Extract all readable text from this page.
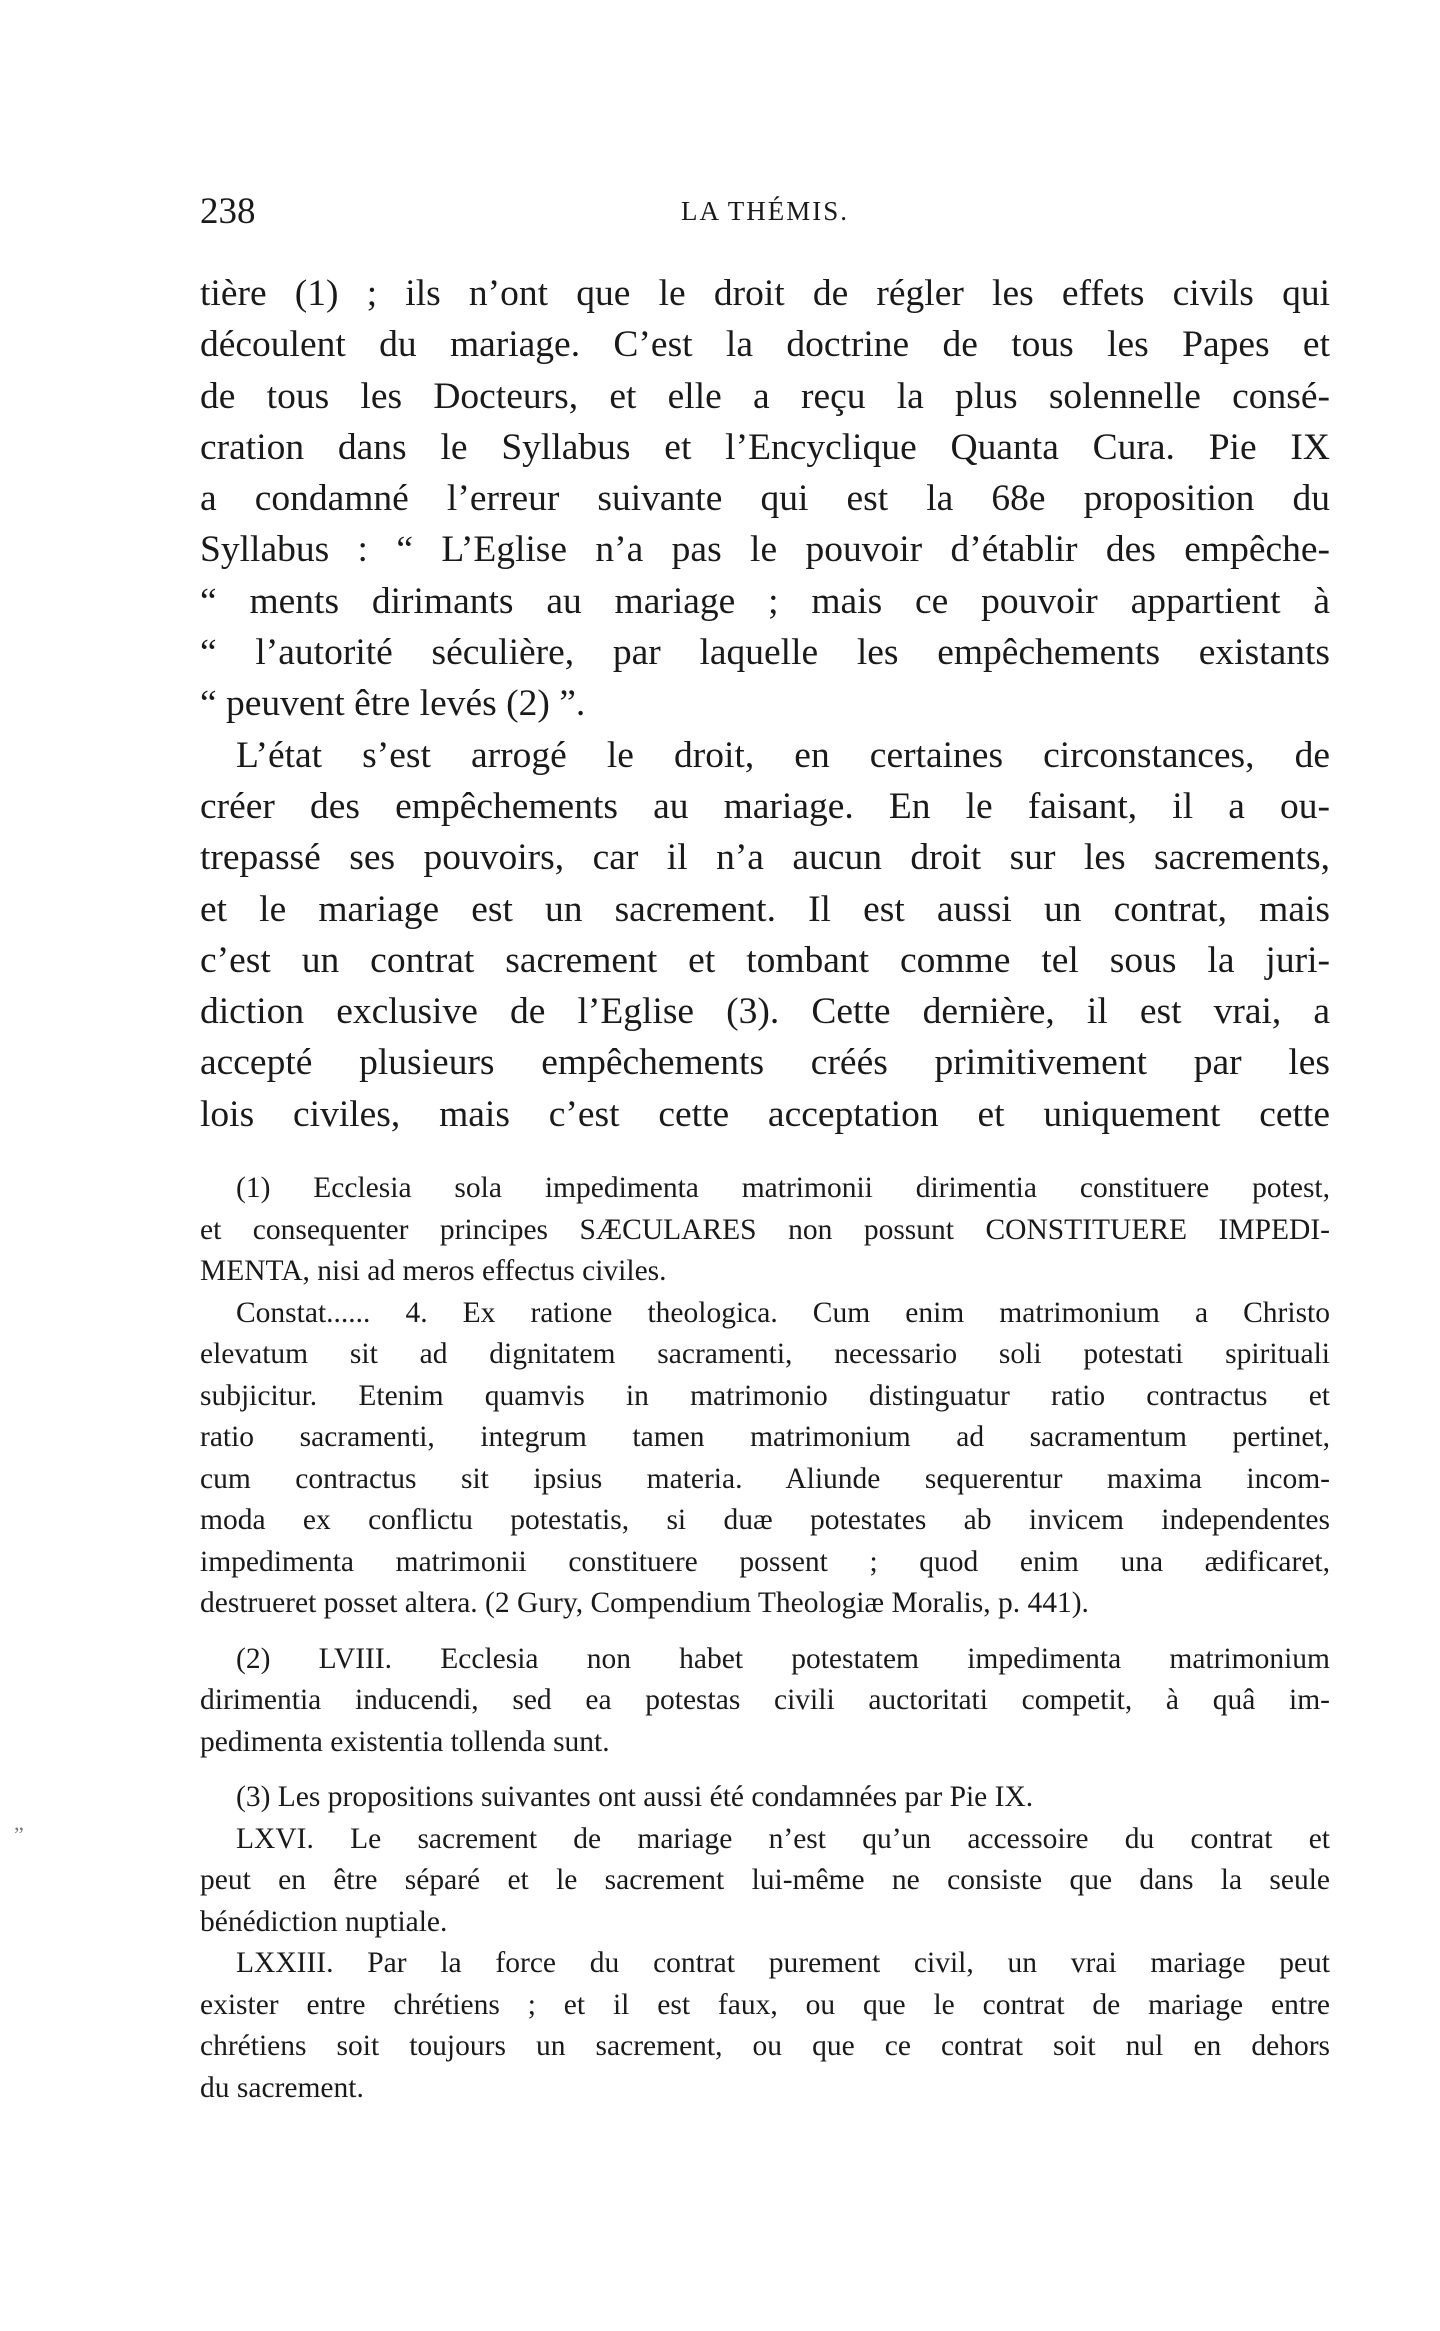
238	LA THÉMIS.
tière (1) ; ils n’ont que le droit de régler les effets civils qui
découlent du mariage. C’est la doctrine de tous les Papes et
de tous les Docteurs, et elle a reçu la plus solennelle consé-
cration dans le Syllabus et l’Encyclique Quanta Cura. Pie IX
a condamné l’erreur suivante qui est la 68e proposition du
Syllabus : “ L’Eglise n’a pas le pouvoir d’établir des empêche-
“ ments dirimants au mariage ; mais ce pouvoir appartient à
“ l’autorité séculière, par laquelle les empêchements existants
“ peuvent être levés (2) ”.
L’état s’est arrogé le droit, en certaines circonstances, de
créer des empêchements au mariage. En le faisant, il a ou-
trepassé ses pouvoirs, car il n’a aucun droit sur les sacrements,
et le mariage est un sacrement. Il est aussi un contrat, mais
c’est un contrat sacrement et tombant comme tel sous la juri-
diction exclusive de l’Eglise (3). Cette dernière, il est vrai, a
accepté plusieurs empêchements créés primitivement par les
lois civiles, mais c’est cette acceptation et uniquement cette
(1) Ecclesia sola impedimenta matrimonii dirimentia constituere potest,
et consequenter principes SÆCULARES non possunt CONSTITUERE IMPEDI-
MENTA, nisi ad meros effectus civiles.
Constat...... 4. Ex ratione theologica. Cum enim matrimonium a Christo
elevatum sit ad dignitatem sacramenti, necessario soli potestati spirituali
subjicitur. Etenim quamvis in matrimonio distinguatur ratio contractus et
ratio sacramenti, integrum tamen matrimonium ad sacramentum pertinet,
cum contractus sit ipsius materia. Aliunde sequerentur maxima incom-
moda ex conflictu potestatis, si duæ potestates ab invicem independentes
impedimenta matrimonii constituere possent ; quod enim una ædificaret,
destrueret posset altera. (2 Gury, Compendium Theologiæ Moralis, p. 441).
(2) LVIII. Ecclesia non habet potestatem impedimenta matrimonium
dirimentia inducendi, sed ea potestas civili auctoritati competit, à quâ im-
pedimenta existentia tollenda sunt.
(3) Les propositions suivantes ont aussi été condamnées par Pie IX.
LXVI. Le sacrement de mariage n’est qu’un accessoire du contrat et
peut en être séparé et le sacrement lui-même ne consiste que dans la seule
bénédiction nuptiale.
LXXIII. Par la force du contrat purement civil, un vrai mariage peut
exister entre chrétiens ; et il est faux, ou que le contrat de mariage entre
chrétiens soit toujours un sacrement, ou que ce contrat soit nul en dehors
du sacrement.
”
